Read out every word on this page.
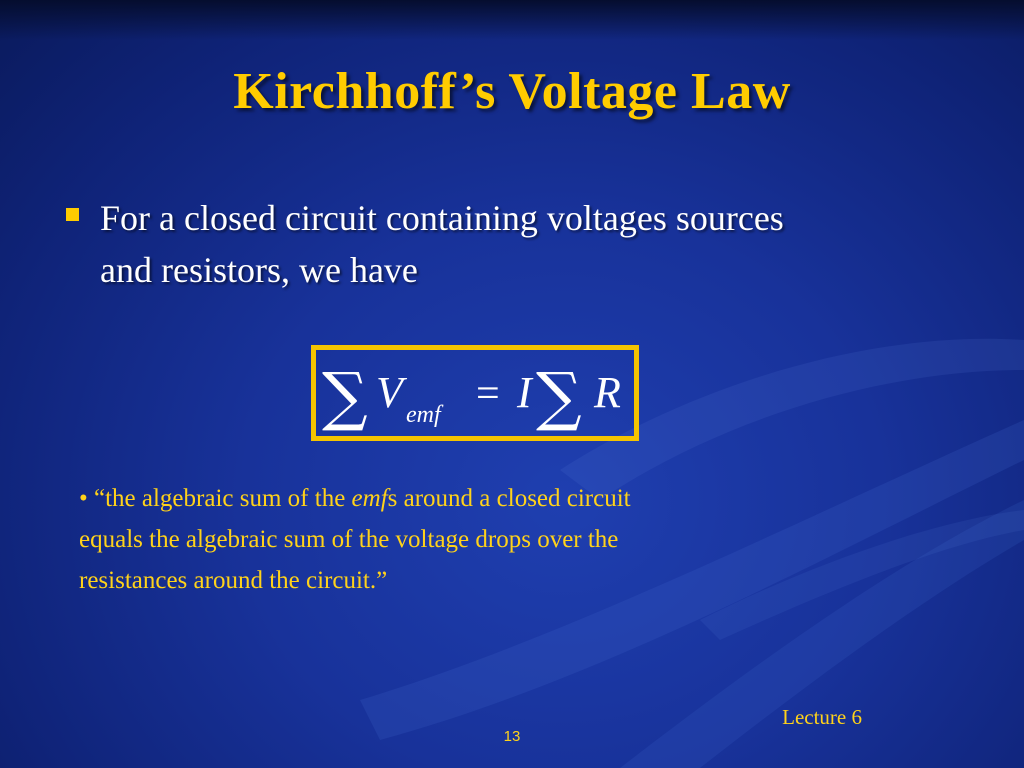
Kirchhoff’s Voltage Law
For a closed circuit containing voltages sources
and resistors, we have
∑ V emf = I ∑ R
• “the algebraic sum of the emfs around a closed circuit
equals the algebraic sum of the voltage drops over the
resistances around the circuit.”
Lecture 6
13
